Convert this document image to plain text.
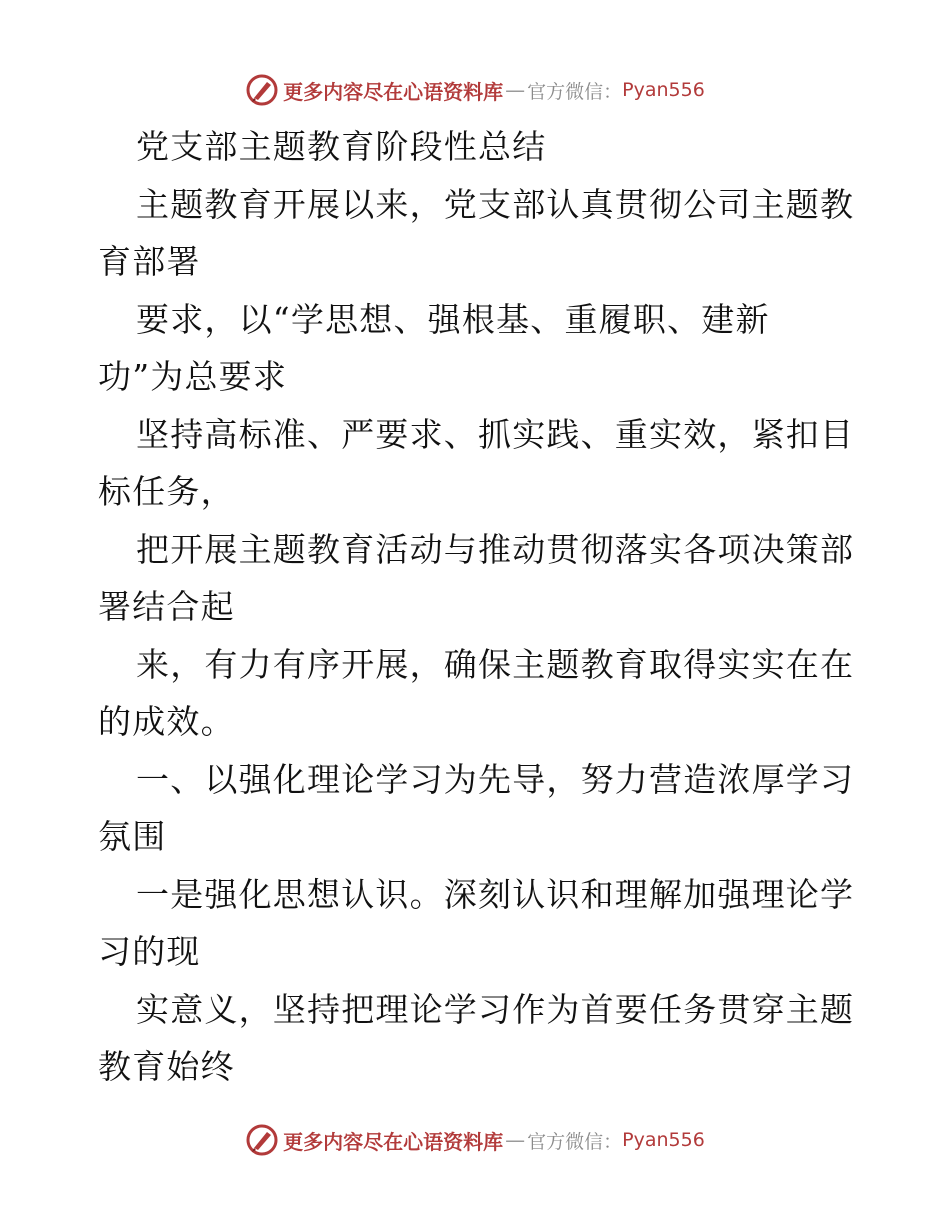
更多内容尽在心语资料库 — 官方微信： Pyan556
党支部主题教育阶段性总结
主题教育开展以来，党支部认真贯彻公司主题教
育部署
要求，以“学思想、强根基、重履职、建新
功”为总要求
坚持高标准、严要求、抓实践、重实效，紧扣目
标任务，
把开展主题教育活动与推动贯彻落实各项决策部
署结合起
来，有力有序开展，确保主题教育取得实实在在
的成效。
一、以强化理论学习为先导，努力营造浓厚学习
氛围
一是强化思想认识。深刻认识和理解加强理论学
习的现
实意义，坚持把理论学习作为首要任务贯穿主题
教育始终
更多内容尽在心语资料库 — 官方微信： Pyan556
